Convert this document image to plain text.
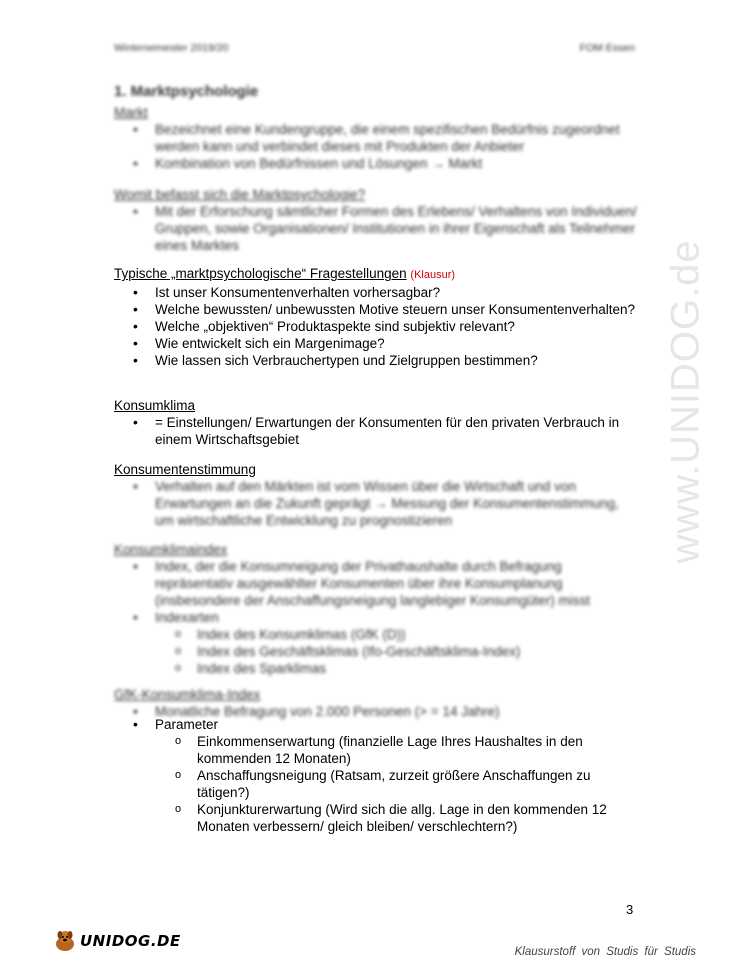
Wintersemester 2019/20	FOM Essen
www.UNIDOG.de
1. Marktpsychologie
Markt
• Bezeichnet eine Kundengruppe, die einem spezifischen Bedürfnis zugeordnet werden kann und verbindet dieses mit Produkten der Anbieter
• Kombination von Bedürfnissen und Lösungen → Markt
Womit befasst sich die Marktpsychologie?
• Mit der Erforschung sämtlicher Formen des Erlebens/ Verhaltens von Individuen/ Gruppen, sowie Organisationen/ Institutionen in ihrer Eigenschaft als Teilnehmer eines Marktes
Typische „marktpsychologische“ Fragestellungen (Klausur)
• Ist unser Konsumentenverhalten vorhersagbar?
• Welche bewussten/ unbewussten Motive steuern unser Konsumentenverhalten?
• Welche „objektiven“ Produktaspekte sind subjektiv relevant?
• Wie entwickelt sich ein Margenimage?
• Wie lassen sich Verbrauchertypen und Zielgruppen bestimmen?
Konsumklima
• = Einstellungen/ Erwartungen der Konsumenten für den privaten Verbrauch in einem Wirtschaftsgebiet
Konsumentenstimmung
• Verhalten auf den Märkten ist vom Wissen über die Wirtschaft und von Erwartungen an die Zukunft geprägt → Messung der Konsumentenstimmung, um wirtschaftliche Entwicklung zu prognostizieren
Konsumklimaindex
• Index, der die Konsumneigung der Privathaushalte durch Befragung repräsentativ ausgewählter Konsumenten über ihre Konsumplanung (insbesondere der Anschaffungsneigung langlebiger Konsumgüter) misst
• Indexarten
o Index des Konsumklimas (GfK (D))
o Index des Geschäftsklimas (Ifo-Geschäftsklima-Index)
o Index des Sparklimas
GfK-Konsumklima-Index
• Monatliche Befragung von 2.000 Personen (> = 14 Jahre)
• Parameter
o Einkommenserwartung (finanzielle Lage Ihres Haushaltes in den kommenden 12 Monaten)
o Anschaffungsneigung (Ratsam, zurzeit größere Anschaffungen zu tätigen?)
o Konjunkturerwartung (Wird sich die allg. Lage in den kommenden 12 Monaten verbessern/ gleich bleiben/ verschlechtern?)
3
UNIDOG.DE
Klausurstoff von Studis für Studis
